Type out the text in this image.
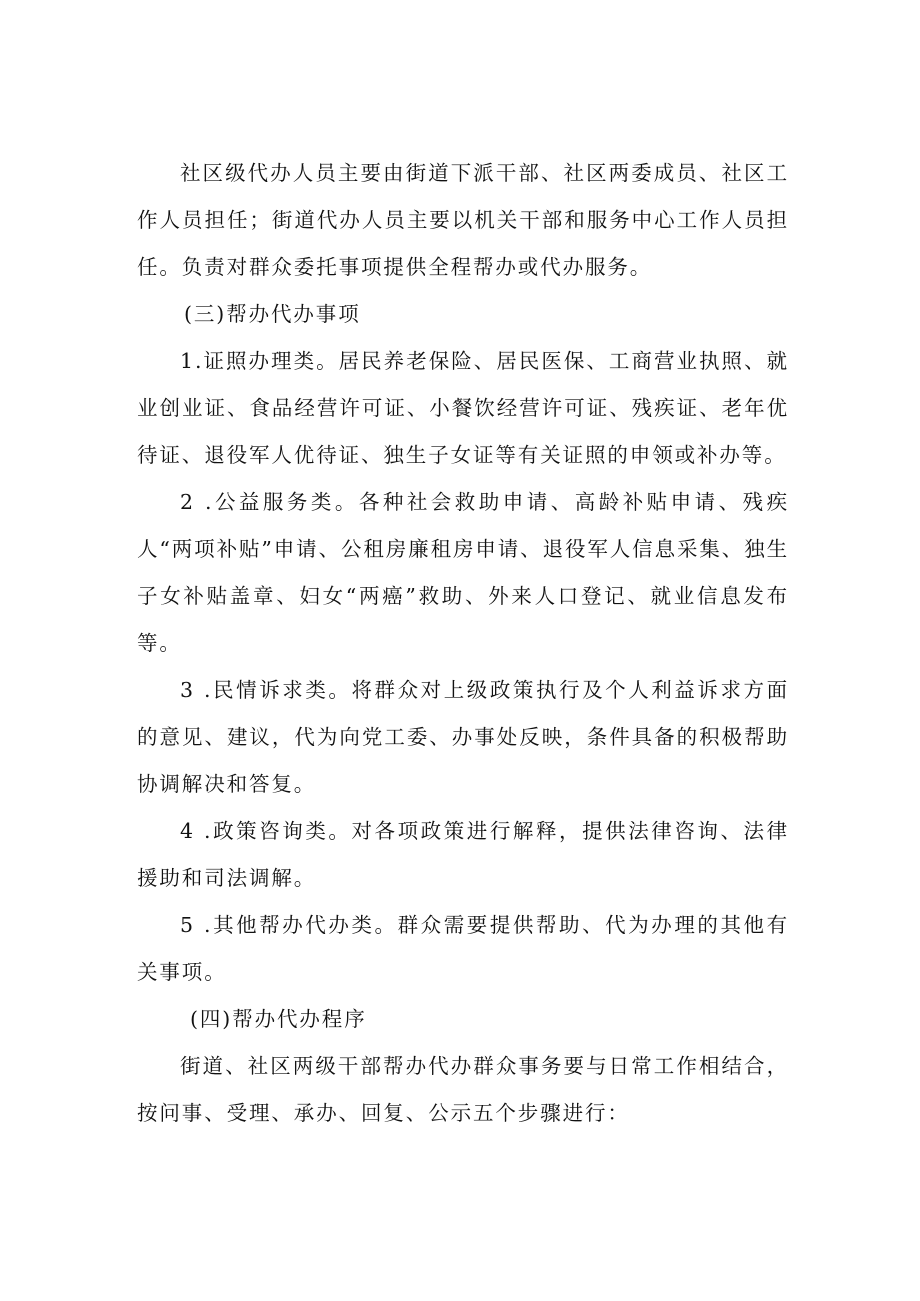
社区级代办人员主要由街道下派干部、社区两委成员、社区工作人员担任；街道代办人员主要以机关干部和服务中心工作人员担任。负责对群众委托事项提供全程帮办或代办服务。

(三)帮办代办事项

1.证照办理类。居民养老保险、居民医保、工商营业执照、就业创业证、食品经营许可证、小餐饮经营许可证、残疾证、老年优待证、退役军人优待证、独生子女证等有关证照的申领或补办等。

2 .公益服务类。各种社会救助申请、高龄补贴申请、残疾人“两项补贴”申请、公租房廉租房申请、退役军人信息采集、独生子女补贴盖章、妇女“两癌”救助、外来人口登记、就业信息发布等。

3 .民情诉求类。将群众对上级政策执行及个人利益诉求方面的意见、建议，代为向党工委、办事处反映，条件具备的积极帮助协调解决和答复。

4 .政策咨询类。对各项政策进行解释，提供法律咨询、法律援助和司法调解。

5 .其他帮办代办类。群众需要提供帮助、代为办理的其他有关事项。

(四)帮办代办程序

街道、社区两级干部帮办代办群众事务要与日常工作相结合，按问事、受理、承办、回复、公示五个步骤进行：
